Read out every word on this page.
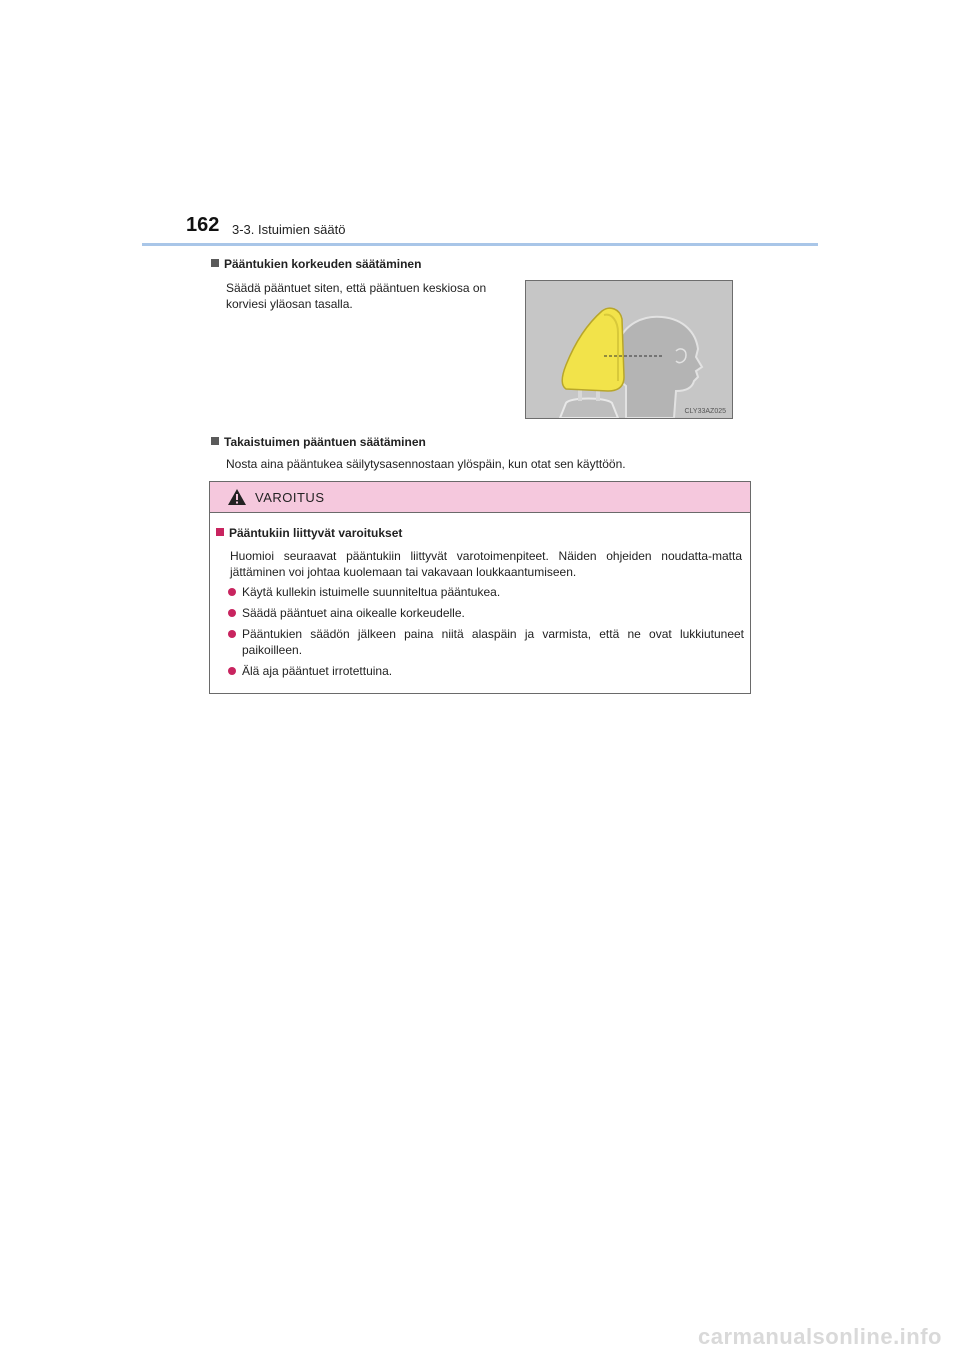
162 3-3. Istuimien säätö
Pääntukien korkeuden säätäminen
Säädä pääntuet siten, että pääntuen keskiosa on
korviesi yläosan tasalla.
CLY33AZ025
Takaistuimen pääntuen säätäminen
Nosta aina pääntukea säilytysasennostaan ylöspäin, kun otat sen käyttöön.
VAROITUS
Pääntukiin liittyvät varoitukset
Huomioi seuraavat pääntukiin liittyvät varotoimenpiteet. Näiden ohjeiden noudatta-matta jättäminen voi johtaa kuolemaan tai vakavaan loukkaantumiseen.
Käytä kullekin istuimelle suunniteltua pääntukea.
Säädä pääntuet aina oikealle korkeudelle.
Pääntukien säädön jälkeen paina niitä alaspäin ja varmista, että ne ovat lukkiutuneet paikoilleen.
Älä aja pääntuet irrotettuina.
carmanualsonline.info
